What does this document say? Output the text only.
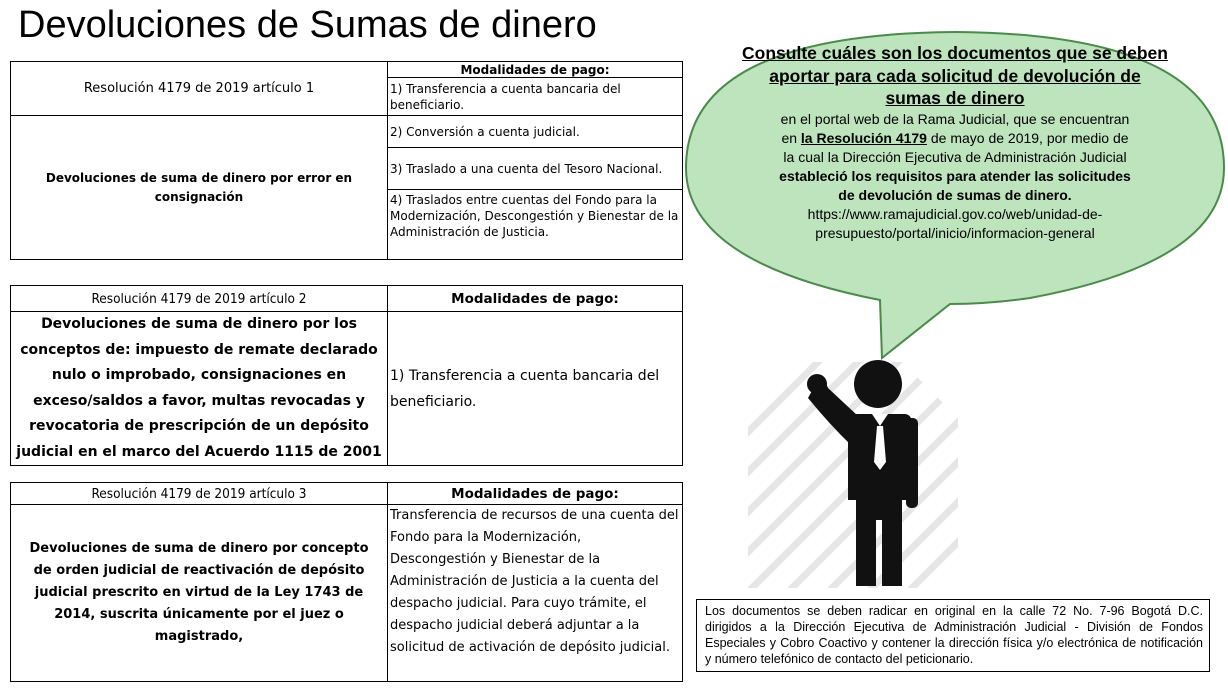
Devoluciones de Sumas de dinero
Resolución 4179 de 2019 artículo 1	Modalidades de pago:
	1) Transferencia a cuenta bancaria del beneficiario.
Devoluciones de suma de dinero por error en consignación	2) Conversión a cuenta judicial.
	3) Traslado a una cuenta del Tesoro Nacional.
	4) Traslados entre cuentas del Fondo para la Modernización, Descongestión y Bienestar de la Administración de Justicia.
Resolución 4179 de 2019 artículo 2	Modalidades de pago:
Devoluciones de suma de dinero por los conceptos de: impuesto de remate declarado nulo o improbado, consignaciones en exceso/saldos a favor, multas revocadas y revocatoria de prescripción de un depósito judicial en el marco del Acuerdo 1115 de 2001	1) Transferencia a cuenta bancaria del beneficiario.
Resolución 4179 de 2019 artículo 3	Modalidades de pago:
Devoluciones de suma de dinero por concepto de orden judicial de reactivación de depósito judicial prescrito en virtud de la Ley 1743 de 2014, suscrita únicamente por el juez o magistrado,	Transferencia de recursos de una cuenta del Fondo para la Modernización, Descongestión y Bienestar de la Administración de Justicia a la cuenta del despacho judicial. Para cuyo trámite, el despacho judicial deberá adjuntar a la solicitud de activación de depósito judicial.
Consulte cuáles son los documentos que se deben aportar para cada solicitud de devolución de sumas de dinero
en el portal web de la Rama Judicial, que se encuentran en la Resolución 4179 de mayo de 2019, por medio de la cual la Dirección Ejecutiva de Administración Judicial estableció los requisitos para atender las solicitudes de devolución de sumas de dinero.
https://www.ramajudicial.gov.co/web/unidad-de-
presupuesto/portal/inicio/informacion-general
Los documentos se deben radicar en original en la calle 72 No. 7-96 Bogotá D.C. dirigidos a la Dirección Ejecutiva de Administración Judicial - División de Fondos Especiales y Cobro Coactivo y contener la dirección física y/o electrónica de notificación y número telefónico de contacto del peticionario.
